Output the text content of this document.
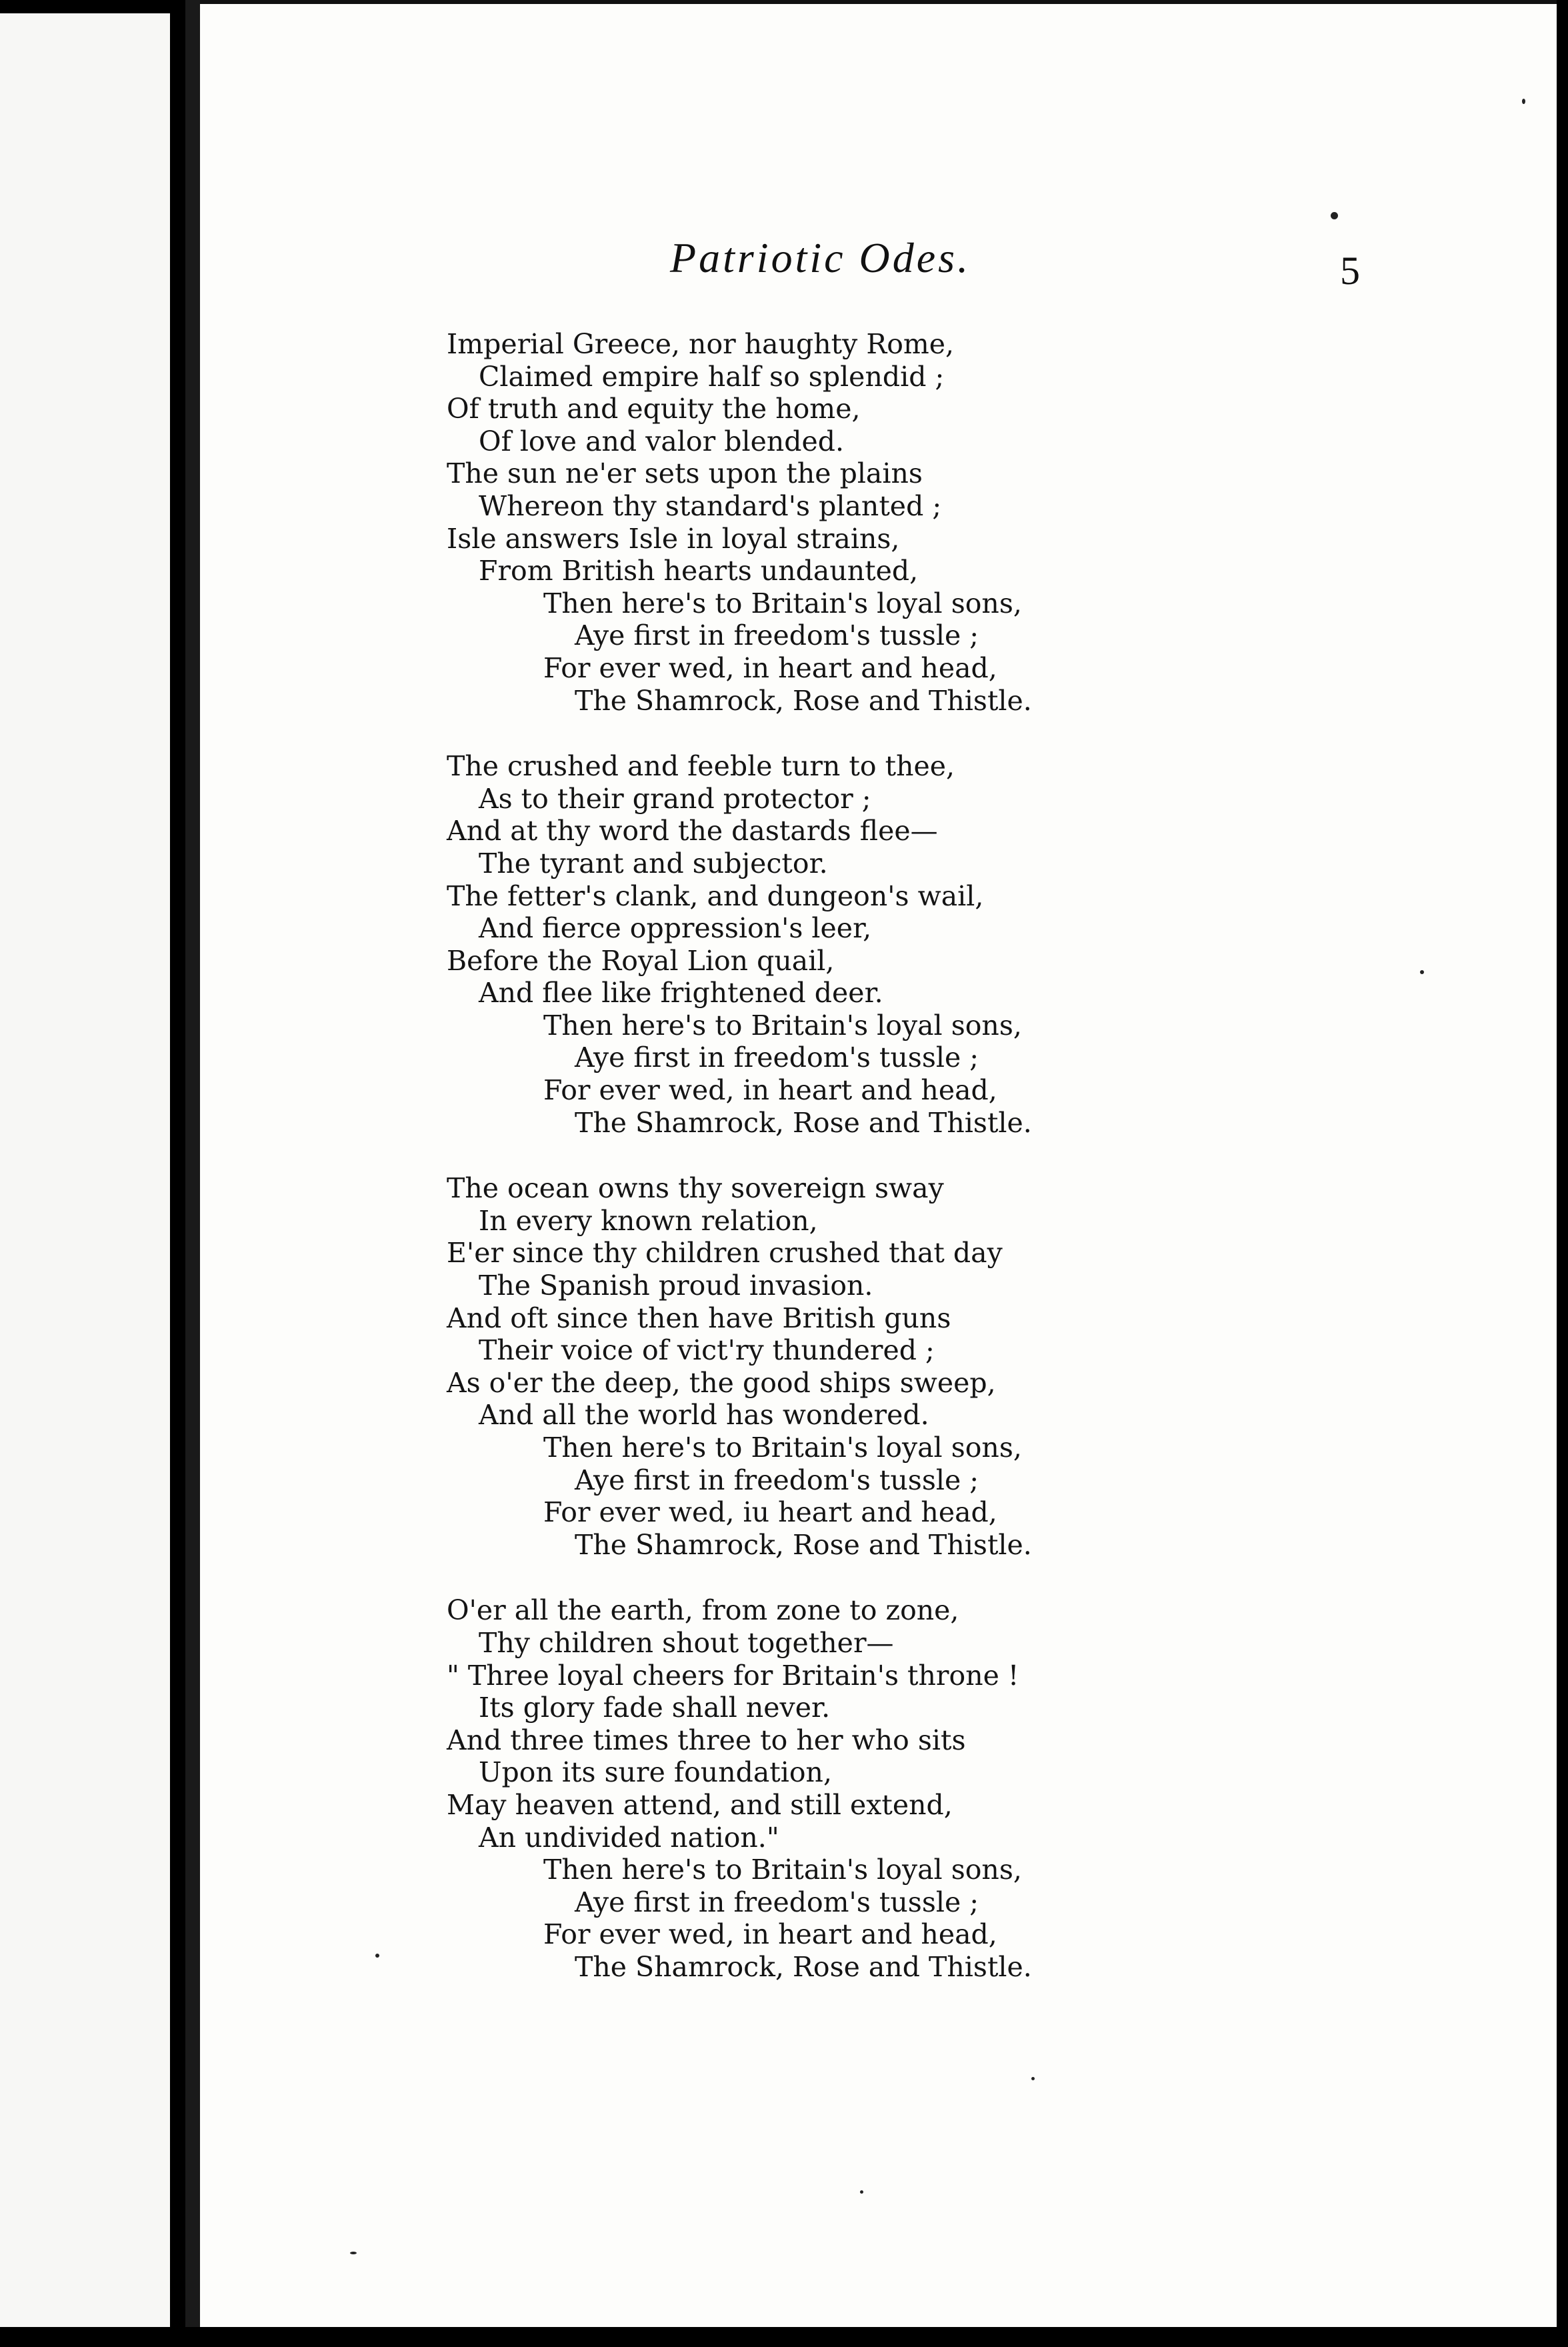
Patriotic Odes.	5
Imperial Greece, nor haughty Rome,
Claimed empire half so splendid ;
Of truth and equity the home,
Of love and valor blended.
The sun ne'er sets upon the plains
Whereon thy standard's planted ;
Isle answers Isle in loyal strains,
From British hearts undaunted,
Then here's to Britain's loyal sons,
Aye first in freedom's tussle ;
For ever wed, in heart and head,
The Shamrock, Rose and Thistle.
The crushed and feeble turn to thee,
As to their grand protector ;
And at thy word the dastards flee—
The tyrant and subjector.
The fetter's clank, and dungeon's wail,
And fierce oppression's leer,
Before the Royal Lion quail,
And flee like frightened deer.
Then here's to Britain's loyal sons,
Aye first in freedom's tussle ;
For ever wed, in heart and head,
The Shamrock, Rose and Thistle.
The ocean owns thy sovereign sway
In every known relation,
E'er since thy children crushed that day
The Spanish proud invasion.
And oft since then have British guns
Their voice of vict'ry thundered ;
As o'er the deep, the good ships sweep,
And all the world has wondered.
Then here's to Britain's loyal sons,
Aye first in freedom's tussle ;
For ever wed, iu heart and head,
The Shamrock, Rose and Thistle.
O'er all the earth, from zone to zone,
Thy children shout together—
" Three loyal cheers for Britain's throne !
Its glory fade shall never.
And three times three to her who sits
Upon its sure foundation,
May heaven attend, and still extend,
An undivided nation."
Then here's to Britain's loyal sons,
Aye first in freedom's tussle ;
For ever wed, in heart and head,
The Shamrock, Rose and Thistle.
